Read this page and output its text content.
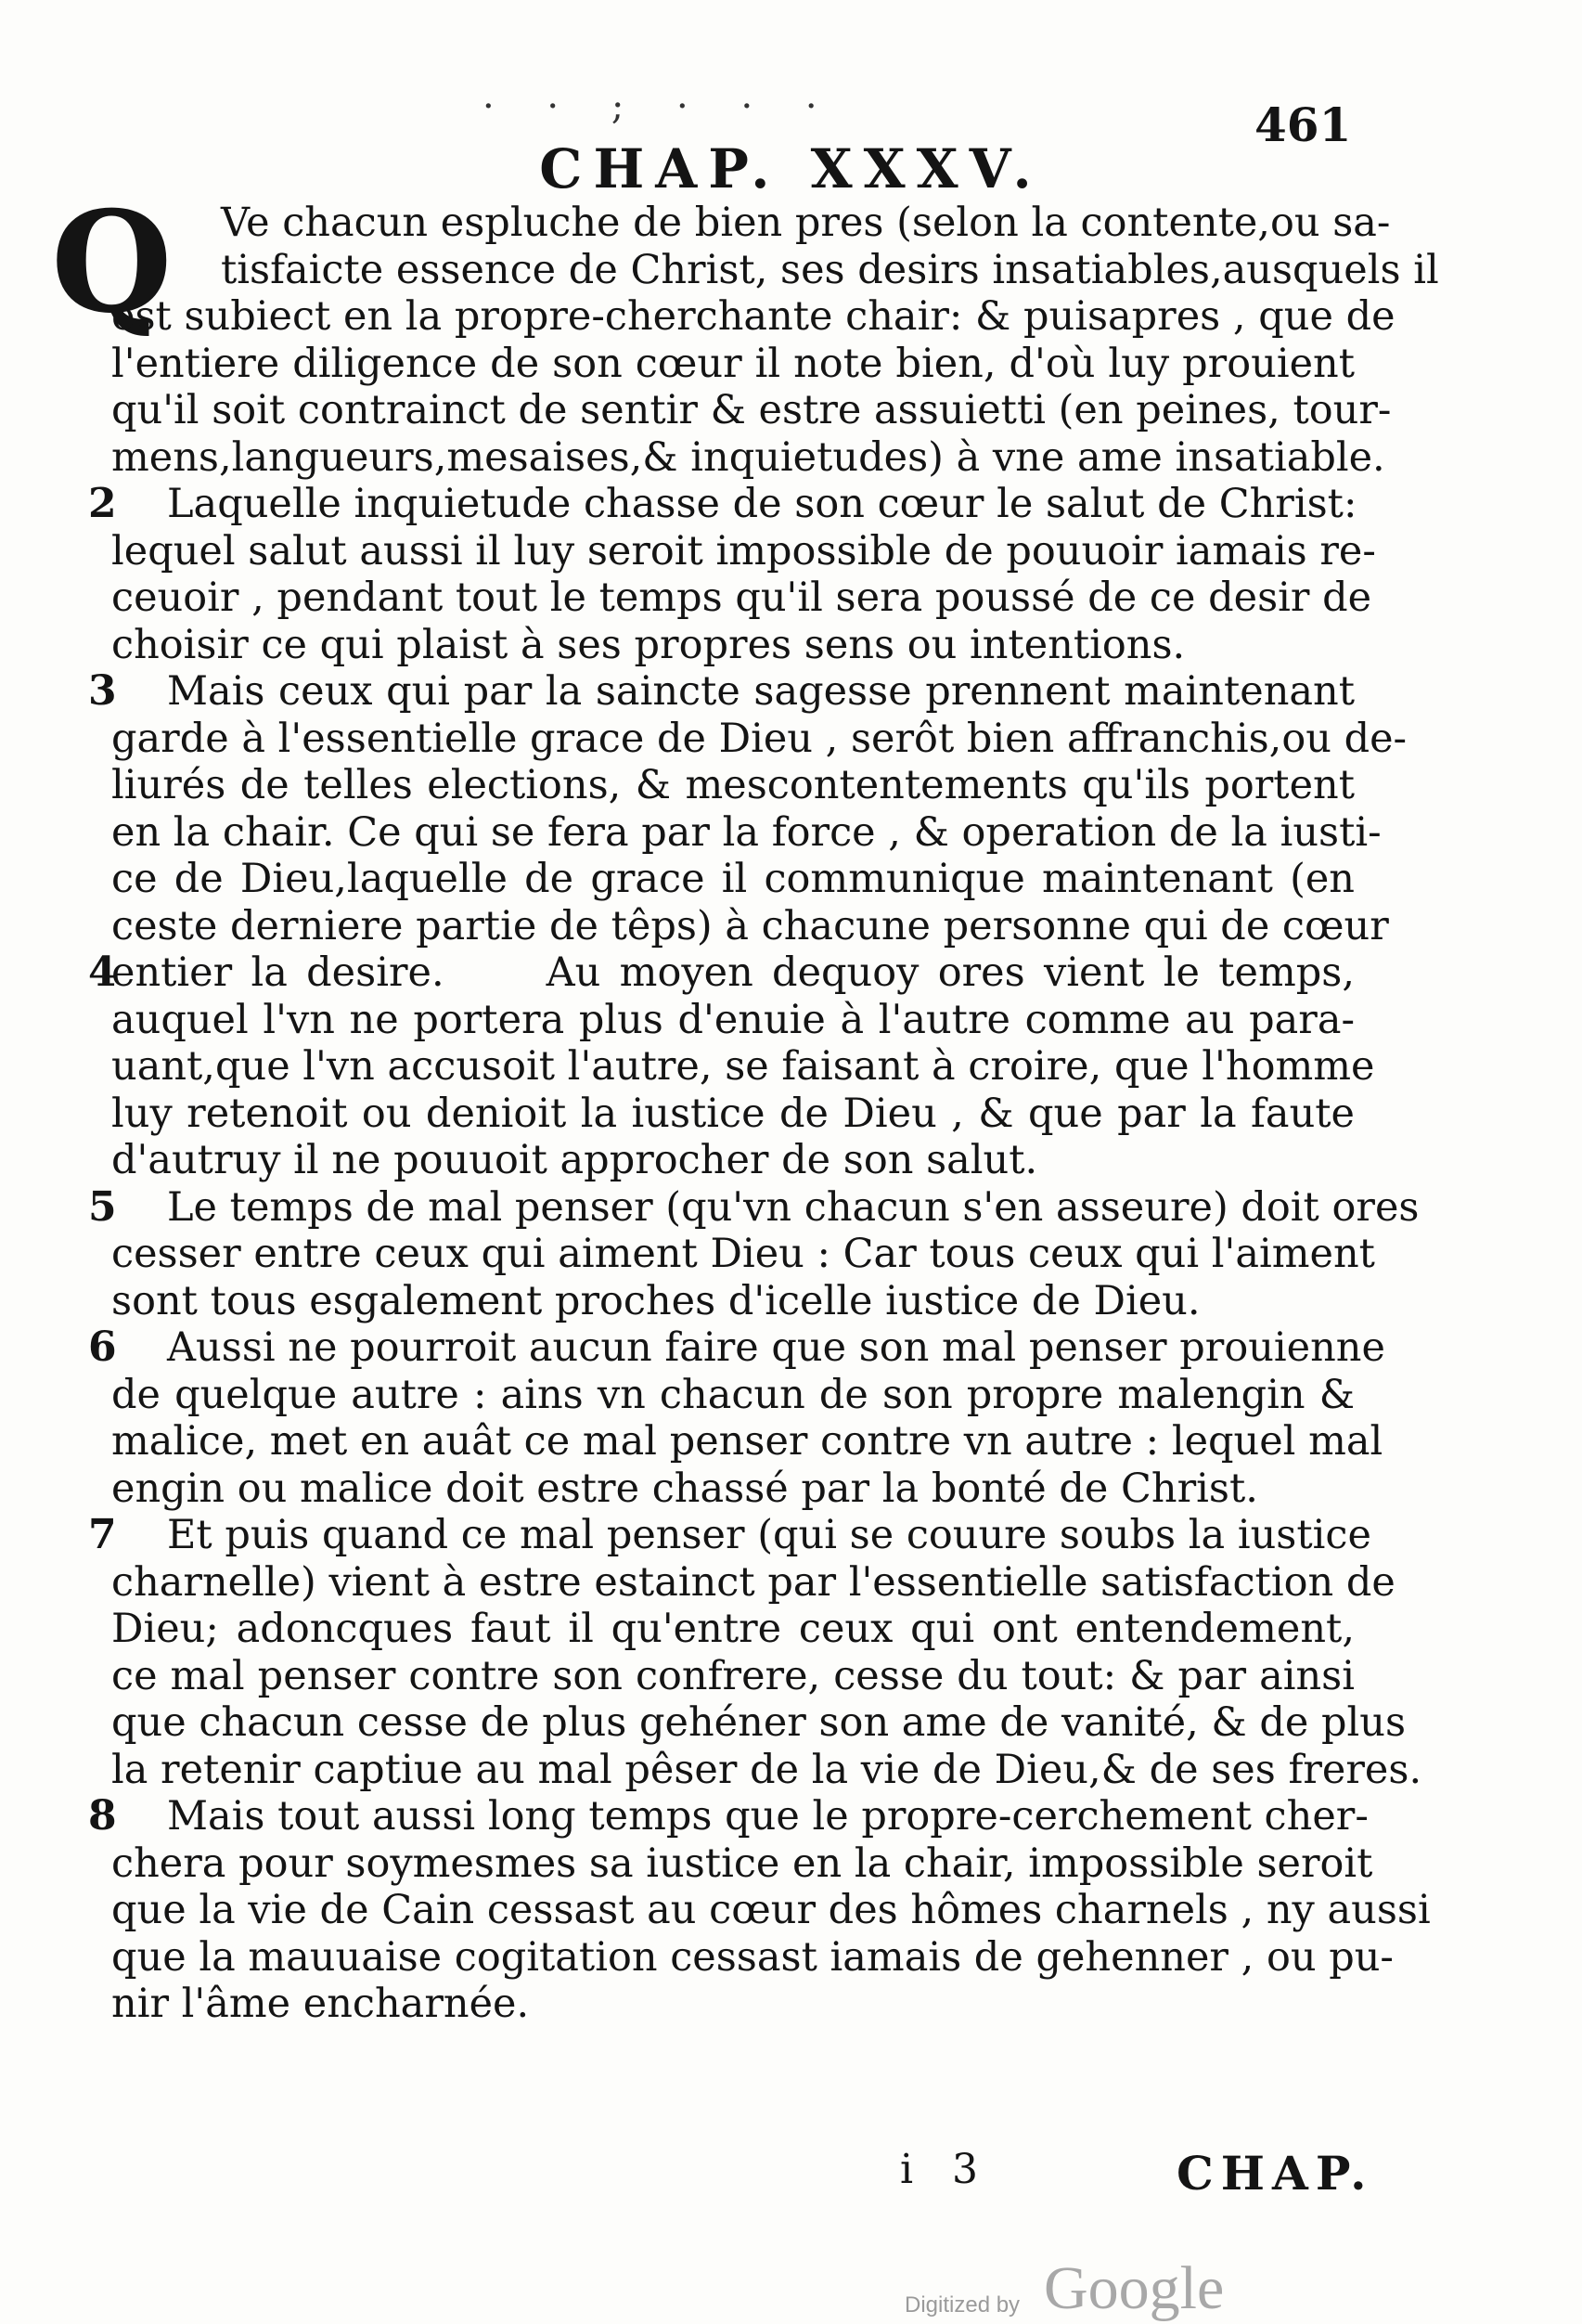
· · ; · · ·	461

CHAP. XXXV.

Q	Ve chacun espluche de bien pres (selon la contente,ou sa-

tisfaicte essence de Christ, ses desirs insatiables,ausquels il

est subiect en la propre-cherchante chair: & puisapres , que de

l'entiere diligence de son cœur il note bien, d'où luy prouient

qu'il soit contrainct de sentir & estre assuietti (en peines, tour-

mens,langueurs,mesaises,& inquietudes) à vne ame insatiable.

2 Laquelle inquietude chasse de son cœur le salut de Christ:

lequel salut aussi il luy seroit impossible de pouuoir iamais re-

ceuoir , pendant tout le temps qu'il sera poussé de ce desir de

choisir ce qui plaist à ses propres sens ou intentions.

3 Mais ceux qui par la saincte sagesse prennent maintenant

garde à l'essentielle grace de Dieu , serôt bien affranchis,ou de-

liurés de telles elections, & mescontentements qu'ils portent

en la chair. Ce qui se fera par la force , & operation de la iusti-

ce de Dieu,laquelle de grace il communique maintenant (en

ceste derniere partie de têps) à chacune personne qui de cœur

4
entier la desire.	Au moyen dequoy ores vient le temps,

auquel l'vn ne portera plus d'enuie à l'autre comme au para-

uant,que l'vn accusoit l'autre, se faisant à croire, que l'homme

luy retenoit ou denioit la iustice de Dieu , & que par la faute

d'autruy il ne pouuoit approcher de son salut.

5 Le temps de mal penser (qu'vn chacun s'en asseure) doit ores

cesser entre ceux qui aiment Dieu : Car tous ceux qui l'aiment

sont tous esgalement proches d'icelle iustice de Dieu.

6 Aussi ne pourroit aucun faire que son mal penser prouienne

de quelque autre : ains vn chacun de son propre malengin &

malice, met en auât ce mal penser contre vn autre : lequel mal

engin ou malice doit estre chassé par la bonté de Christ.

7 Et puis quand ce mal penser (qui se couure soubs la iustice

charnelle) vient à estre estainct par l'essentielle satisfaction de

Dieu; adoncques faut il qu'entre ceux qui ont entendement,

ce mal penser contre son confrere, cesse du tout: & par ainsi

que chacun cesse de plus gehéner son ame de vanité, & de plus

la retenir captiue au mal pêser de la vie de Dieu,& de ses freres.

8 Mais tout aussi long temps que le propre-cerchement cher-

chera pour soymesmes sa iustice en la chair, impossible seroit

que la vie de Cain cessast au cœur des hômes charnels , ny aussi

que la mauuaise cogitation cessast iamais de gehenner , ou pu-

nir l'âme encharnée.

i 3	CHAP.

Digitized by Google
